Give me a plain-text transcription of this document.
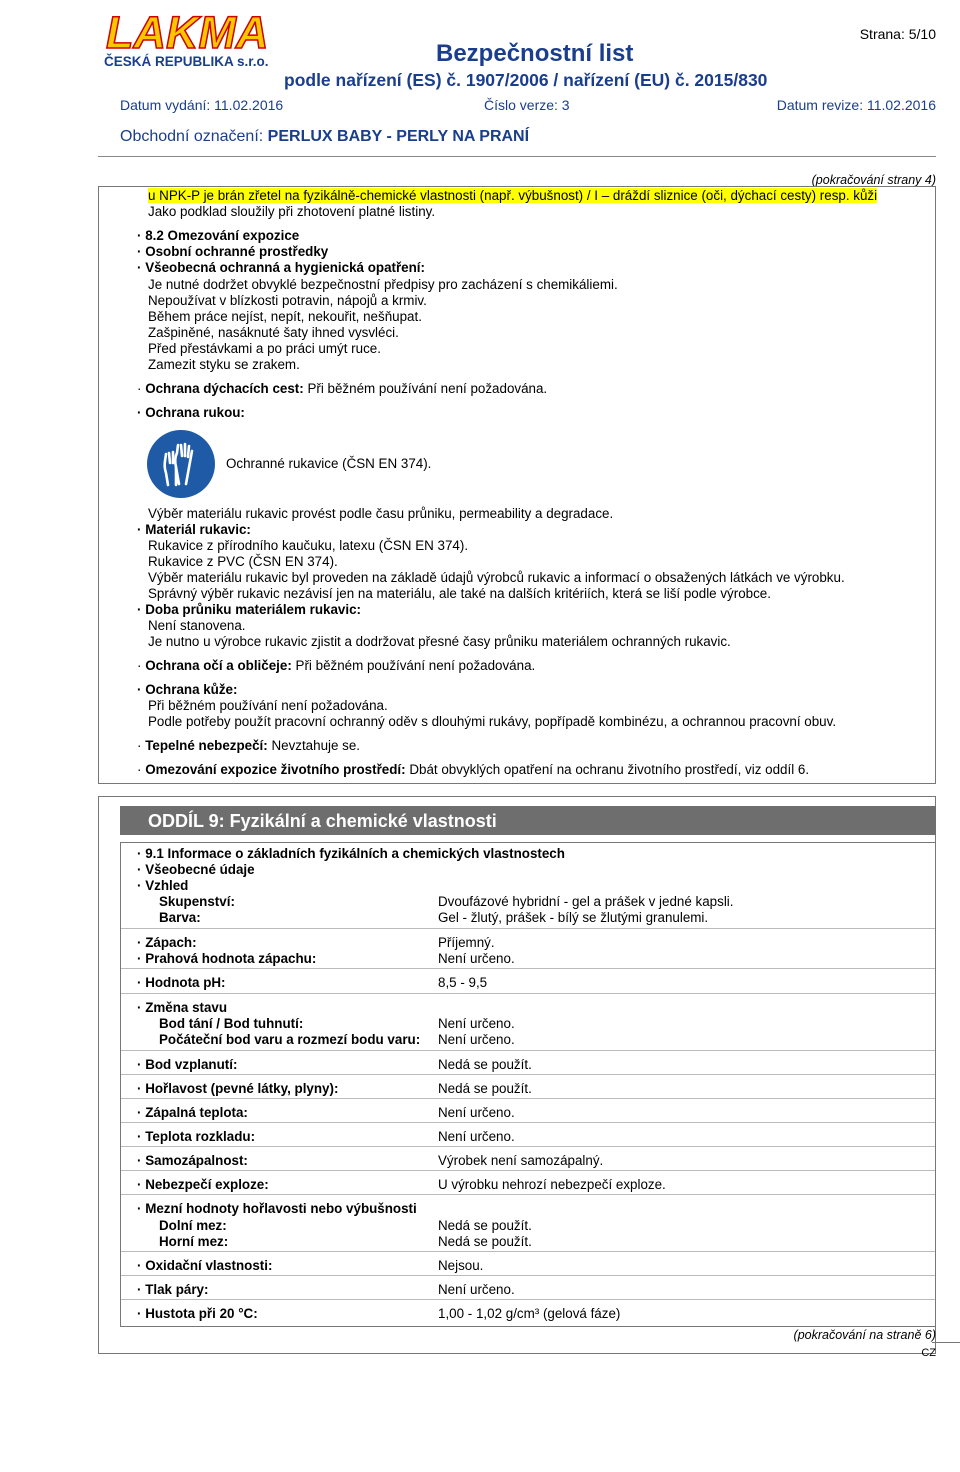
LAKMA
ČESKÁ REPUBLIKA s.r.o.
Strana: 5/10
Bezpečnostní list
podle nařízení (ES) č. 1907/2006 / nařízení (EU) č. 2015/830
Datum vydání: 11.02.2016	Číslo verze: 3	Datum revize: 11.02.2016
Obchodní označení: PERLUX BABY - PERLY NA PRANÍ
(pokračování strany 4)
u NPK-P je brán zřetel na fyzikálně-chemické vlastnosti (např. výbušnost) / I – dráždí sliznice (oči, dýchací cesty) resp. kůži
Jako podklad sloužily při zhotovení platné listiny.
· 8.2 Omezování expozice
· Osobní ochranné prostředky
· Všeobecná ochranná a hygienická opatření:
Je nutné dodržet obvyklé bezpečnostní předpisy pro zacházení s chemikáliemi.
Nepoužívat v blízkosti potravin, nápojů a krmiv.
Během práce nejíst, nepít, nekouřit, nešňupat.
Zašpiněné, nasáknuté šaty ihned vysvléci.
Před přestávkami a po práci umýt ruce.
Zamezit styku se zrakem.
· Ochrana dýchacích cest: Při běžném používání není požadována.
· Ochrana rukou:
Ochranné rukavice (ČSN EN 374).
Výběr materiálu rukavic provést podle času průniku, permeability a degradace.
· Materiál rukavic:
Rukavice z přírodního kaučuku, latexu (ČSN EN 374).
Rukavice z PVC (ČSN EN 374).
Výběr materiálu rukavic byl proveden na základě údajů výrobců rukavic a informací o obsažených látkách ve výrobku.
Správný výběr rukavic nezávisí jen na materiálu, ale také na dalších kritériích, která se liší podle výrobce.
· Doba průniku materiálem rukavic:
Není stanovena.
Je nutno u výrobce rukavic zjistit a dodržovat přesné časy průniku materiálem ochranných rukavic.
· Ochrana očí a obličeje: Při běžném používání není požadována.
· Ochrana kůže:
Při běžném používání není požadována.
Podle potřeby použít pracovní ochranný oděv s dlouhými rukávy, popřípadě kombinézu, a ochrannou pracovní obuv.
· Tepelné nebezpečí: Nevztahuje se.
· Omezování expozice životního prostředí: Dbát obvyklých opatření na ochranu životního prostředí, viz oddíl 6.
ODDÍL 9: Fyzikální a chemické vlastnosti
· 9.1 Informace o základních fyzikálních a chemických vlastnostech
· Všeobecné údaje
· Vzhled
Skupenství:	Dvoufázové hybridní - gel a prášek v jedné kapsli.
Barva:	Gel - žlutý, prášek - bílý se žlutými granulemi.
· Zápach:	Příjemný.
· Prahová hodnota zápachu:	Není určeno.
· Hodnota pH:	8,5 - 9,5
· Změna stavu
Bod tání / Bod tuhnutí:	Není určeno.
Počáteční bod varu a rozmezí bodu varu: Není určeno.
· Bod vzplanutí:	Nedá se použít.
· Hořlavost (pevné látky, plyny):	Nedá se použít.
· Zápalná teplota:	Není určeno.
· Teplota rozkladu:	Není určeno.
· Samozápalnost:	Výrobek není samozápalný.
· Nebezpečí exploze:	U výrobku nehrozí nebezpečí exploze.
· Mezní hodnoty hořlavosti nebo výbušnosti
Dolní mez:	Nedá se použít.
Horní mez:	Nedá se použít.
· Oxidační vlastnosti:	Nejsou.
· Tlak páry:	Není určeno.
· Hustota při 20 °C:	1,00 - 1,02 g/cm³ (gelová fáze)
(pokračování na straně 6)
CZ
